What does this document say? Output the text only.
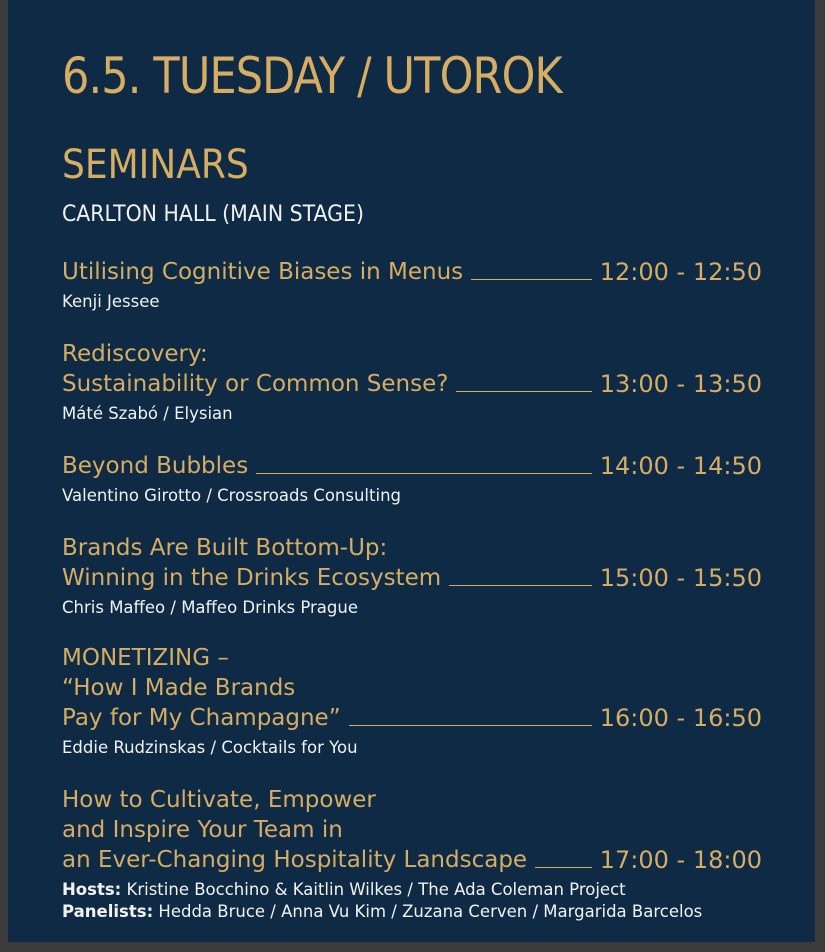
6.5. TUESDAY / UTOROK
SEMINARS
CARLTON HALL (MAIN STAGE)
Utilising Cognitive Biases in Menus	12:00 - 12:50
Kenji Jessee
Rediscovery:
Sustainability or Common Sense?	13:00 - 13:50
Máté Szabó / Elysian
Beyond Bubbles	14:00 - 14:50
Valentino Girotto / Crossroads Consulting
Brands Are Built Bottom-Up:
Winning in the Drinks Ecosystem	15:00 - 15:50
Chris Maffeo / Maffeo Drinks Prague
MONETIZING –
“How I Made Brands
Pay for My Champagne”	16:00 - 16:50
Eddie Rudzinskas / Cocktails for You
How to Cultivate, Empower
and Inspire Your Team in
an Ever-Changing Hospitality Landscape	17:00 - 18:00
Hosts: Kristine Bocchino & Kaitlin Wilkes / The Ada Coleman Project
Panelists: Hedda Bruce / Anna Vu Kim / Zuzana Cerven / Margarida Barcelos
